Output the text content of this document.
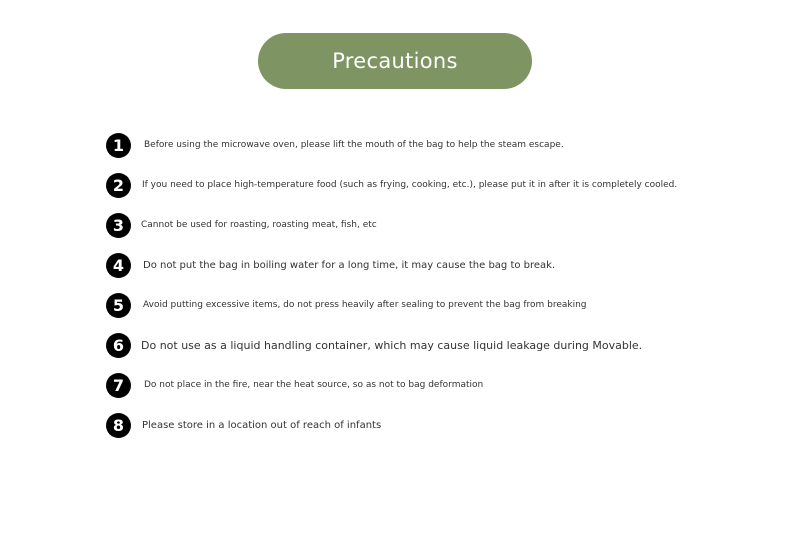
Precautions
1	Before using the microwave oven, please lift the mouth of the bag to help the steam escape.
2	If you need to place high-temperature food (such as frying, cooking, etc.), please put it in after it is completely cooled.
3	Cannot be used for roasting, roasting meat, fish, etc
4	Do not put the bag in boiling water for a long time, it may cause the bag to break.
5	Avoid putting excessive items, do not press heavily after sealing to prevent the bag from breaking
6	Do not use as a liquid handling container, which may cause liquid leakage during Movable.
7	Do not place in the fire, near the heat source, so as not to bag deformation
8	Please store in a location out of reach of infants
